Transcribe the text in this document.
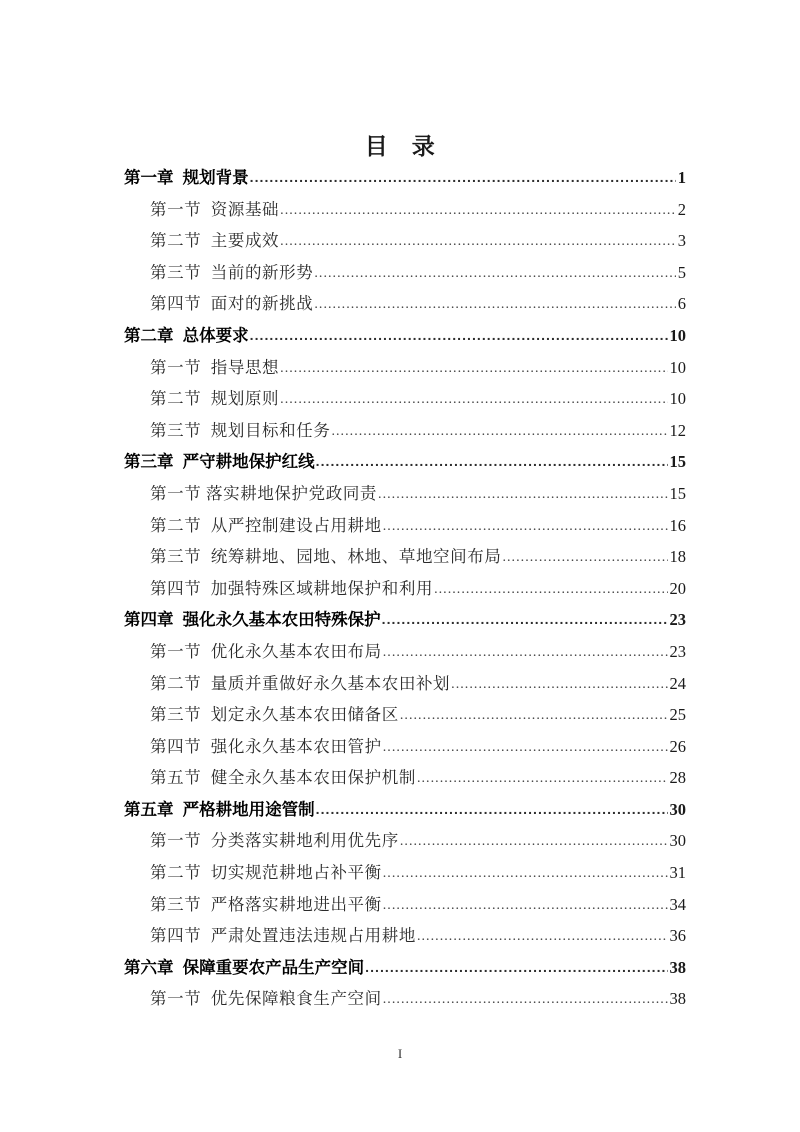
目　录
第一章  规划背景 .....	1
第一节  资源基础 .....	2
第二节  主要成效 .....	3
第三节  当前的新形势 .....	5
第四节  面对的新挑战 .....	6
第二章  总体要求 .....	10
第一节  指导思想 .....	10
第二节  规划原则 .....	10
第三节  规划目标和任务 .....	12
第三章  严守耕地保护红线 .....	15
第一节 落实耕地保护党政同责 .....	15
第二节  从严控制建设占用耕地 .....	16
第三节  统筹耕地、园地、林地、草地空间布局 .....	18
第四节  加强特殊区域耕地保护和利用 .....	20
第四章  强化永久基本农田特殊保护 .....	23
第一节  优化永久基本农田布局 .....	23
第二节  量质并重做好永久基本农田补划 .....	24
第三节  划定永久基本农田储备区 .....	25
第四节  强化永久基本农田管护 .....	26
第五节  健全永久基本农田保护机制 .....	28
第五章  严格耕地用途管制 .....	30
第一节  分类落实耕地利用优先序 .....	30
第二节  切实规范耕地占补平衡 .....	31
第三节  严格落实耕地进出平衡 .....	34
第四节  严肃处置违法违规占用耕地 .....	36
第六章  保障重要农产品生产空间 .....	38
第一节  优先保障粮食生产空间 .....	38
I
